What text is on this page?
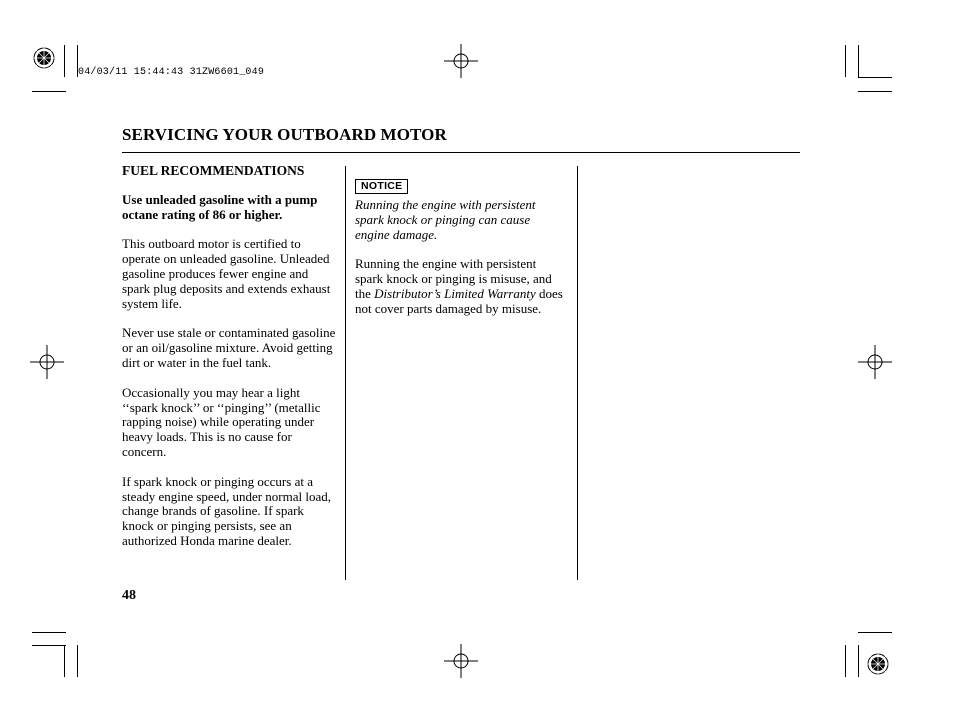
04/03/11 15:44:43 31ZW6601_049
SERVICING YOUR OUTBOARD MOTOR
FUEL RECOMMENDATIONS

Use unleaded gasoline with a pump octane rating of 86 or higher.

This outboard motor is certified to operate on unleaded gasoline. Unleaded gasoline produces fewer engine and spark plug deposits and extends exhaust system life.

Never use stale or contaminated gasoline or an oil/gasoline mixture. Avoid getting dirt or water in the fuel tank.

Occasionally you may hear a light ‘‘spark knock’’ or ‘‘pinging’’ (metallic rapping noise) while operating under heavy loads. This is no cause for concern.

If spark knock or pinging occurs at a steady engine speed, under normal load, change brands of gasoline. If spark knock or pinging persists, see an authorized Honda marine dealer.

NOTICE

Running the engine with persistent spark knock or pinging can cause engine damage.

Running the engine with persistent spark knock or pinging is misuse, and the Distributor’s Limited Warranty does not cover parts damaged by misuse.

48
